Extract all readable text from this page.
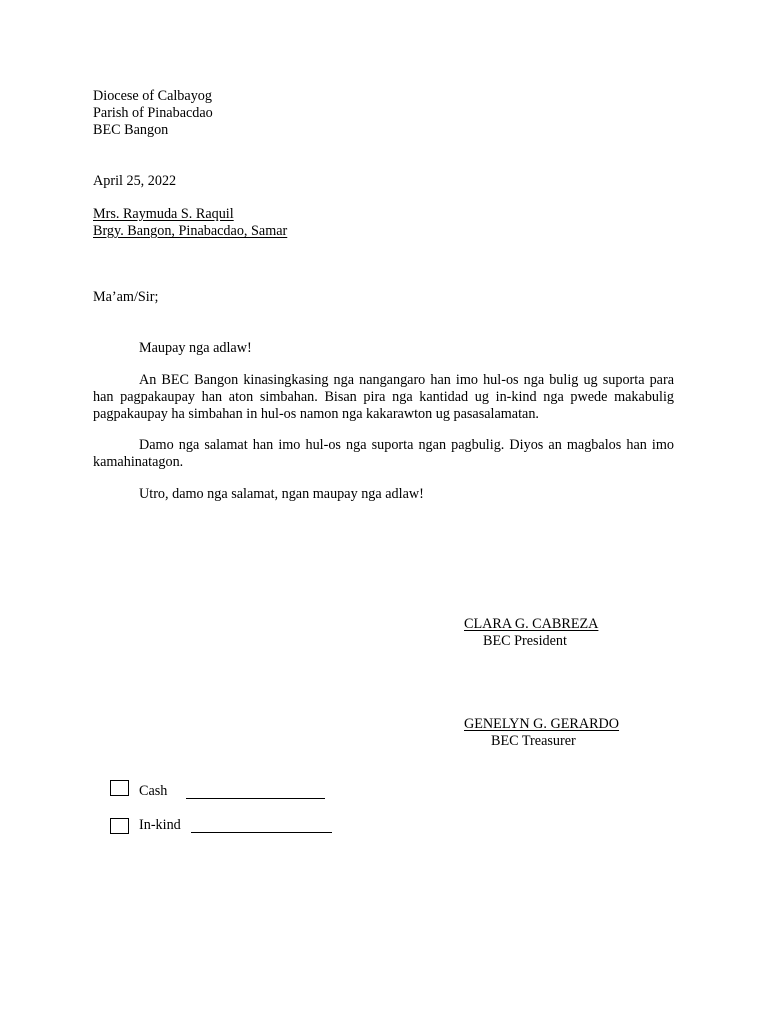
Diocese of Calbayog
Parish of Pinabacdao
BEC Bangon
April 25, 2022
Mrs. Raymuda S. Raquil
Brgy. Bangon, Pinabacdao, Samar
Ma’am/Sir;
Maupay nga adlaw!
An BEC Bangon kinasingkasing nga nangangaro han imo hul-os nga bulig ug suporta para han pagpakaupay han aton simbahan. Bisan pira nga kantidad ug in-kind nga pwede makabulig pagpakaupay ha simbahan in hul-os namon nga kakarawton ug pasasalamatan.
Damo nga salamat han imo hul-os nga suporta ngan pagbulig. Diyos an magbalos han imo kamahinatagon.
Utro, damo nga salamat, ngan maupay nga adlaw!
CLARA G. CABREZA
BEC President
GENELYN G. GERARDO
BEC Treasurer
Cash
In-kind
